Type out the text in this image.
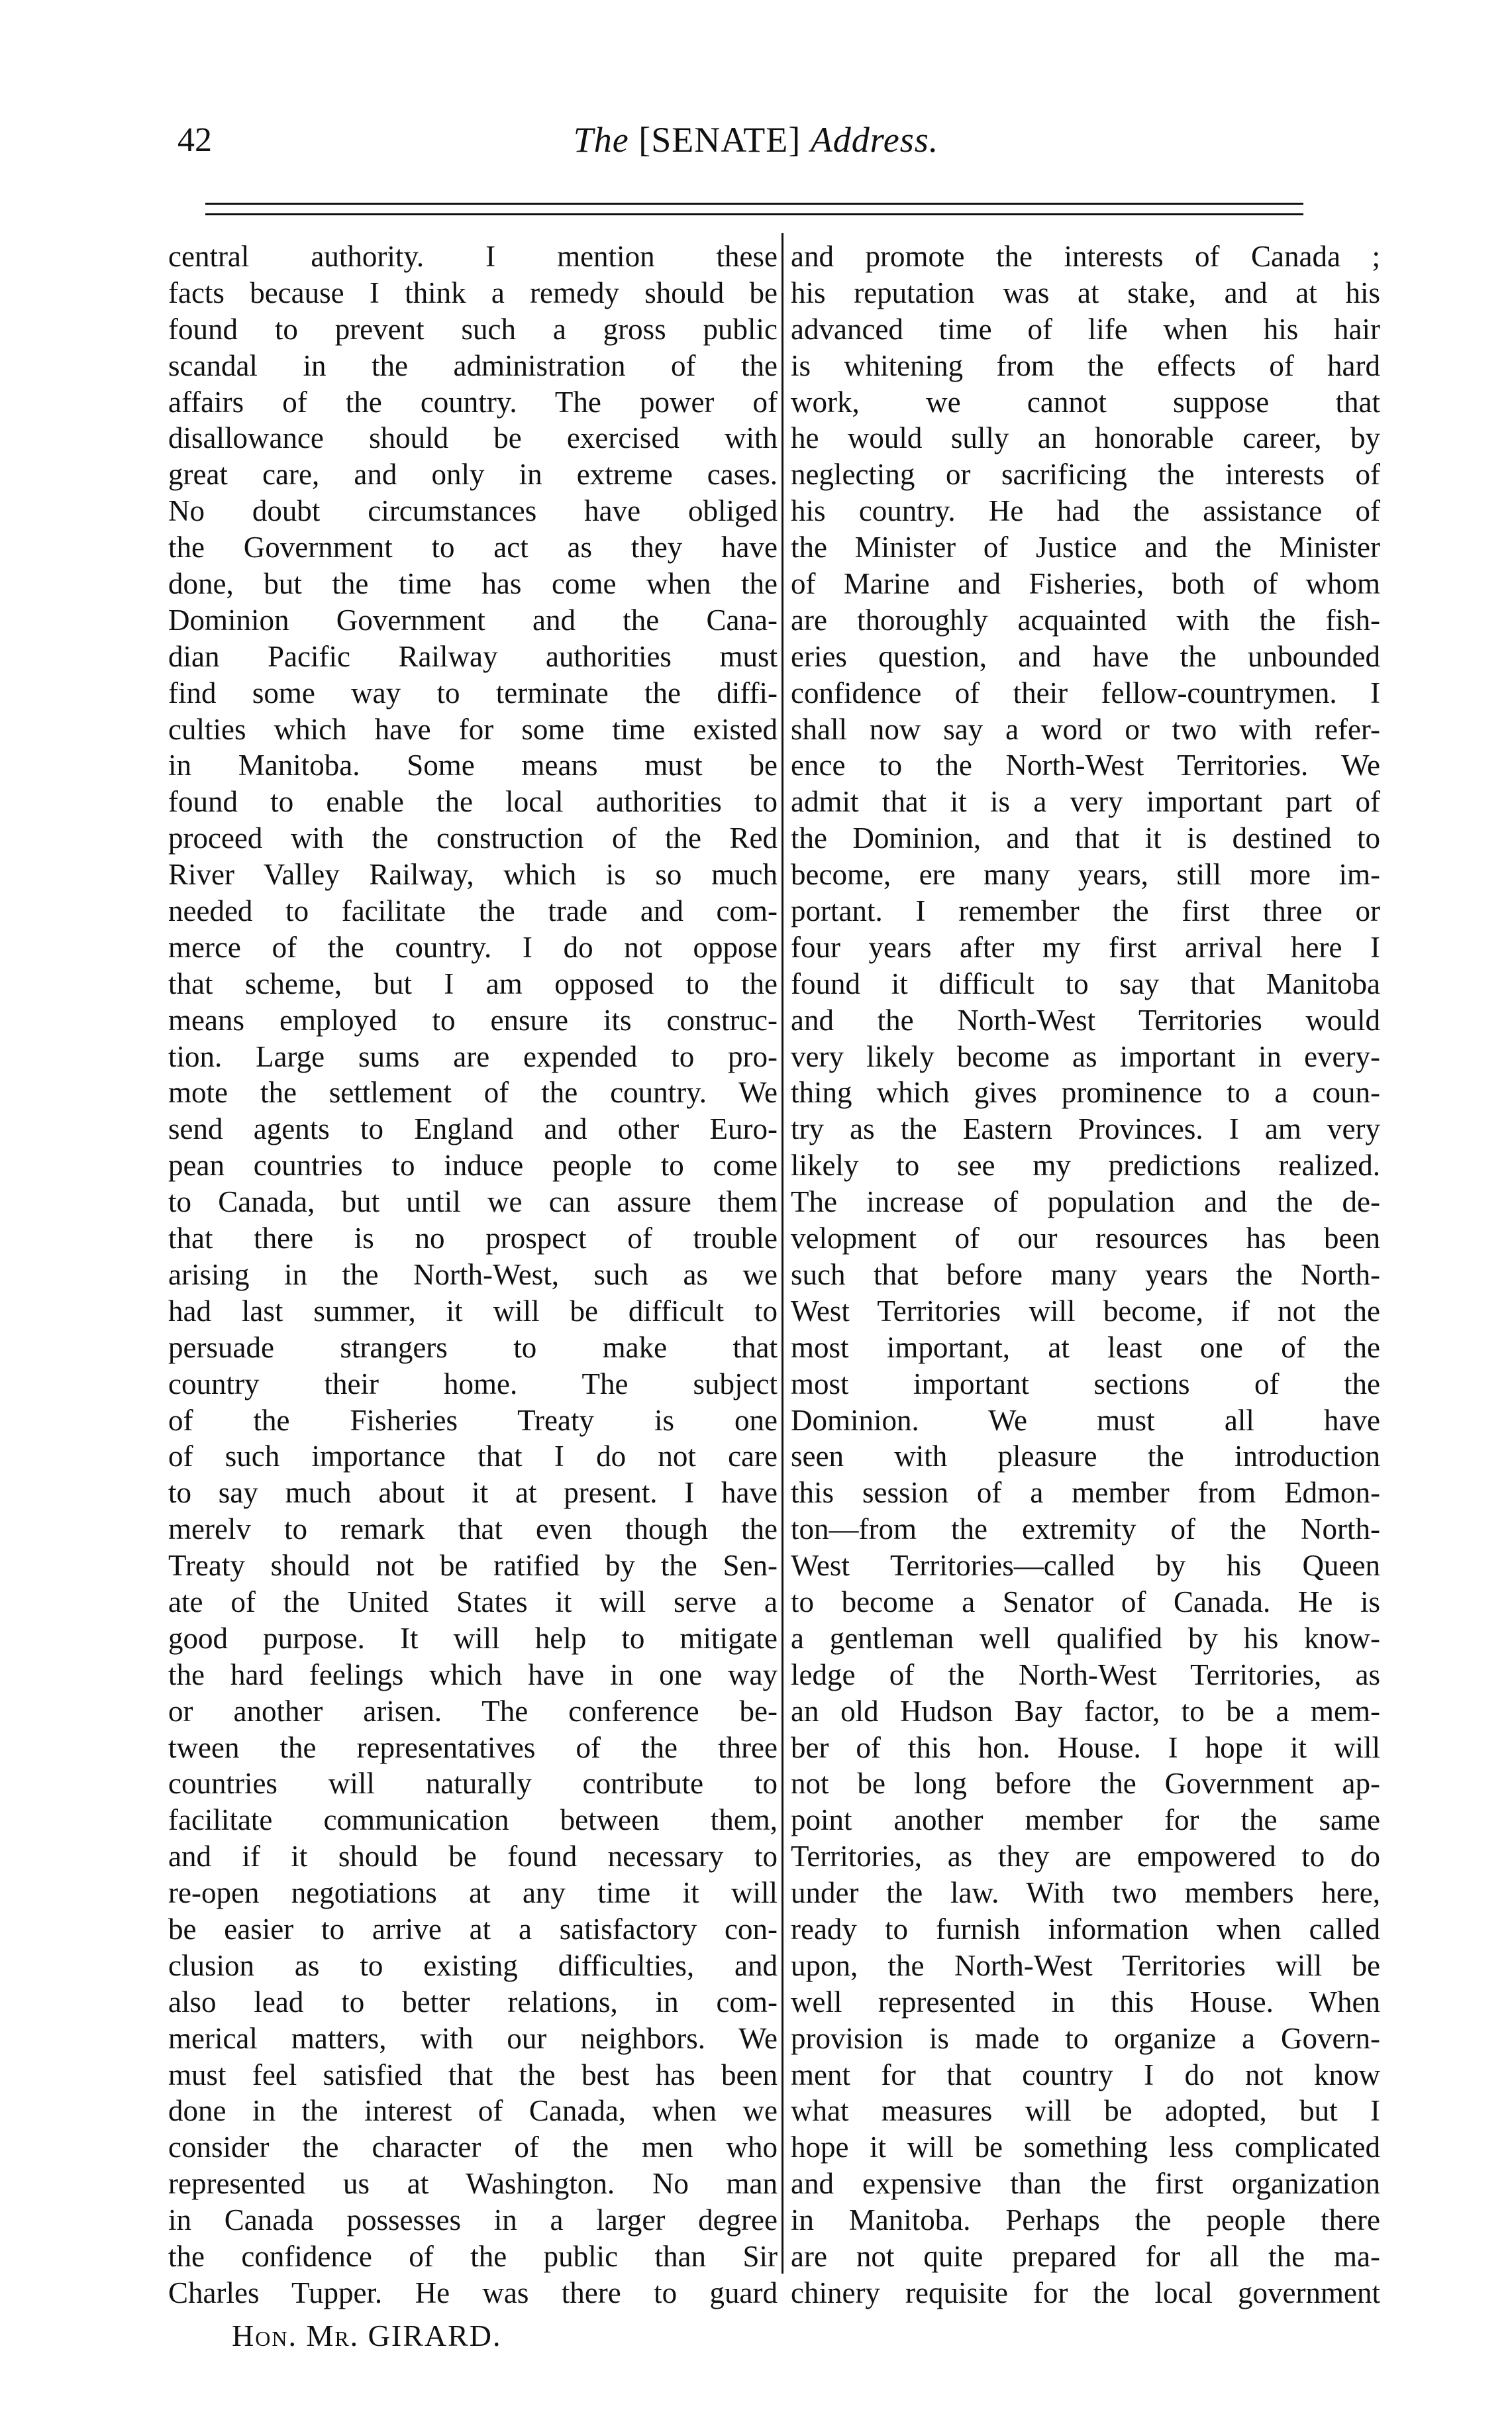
42	The [SENATE] Address.
central authority. I mention these
facts because I think a remedy should be
found to prevent such a gross public
scandal in the administration of the
affairs of the country. The power of
disallowance should be exercised with
great care, and only in extreme cases.
No doubt circumstances have obliged
the Government to act as they have
done, but the time has come when the
Dominion Government and the Cana-
dian Pacific Railway authorities must
find some way to terminate the diffi-
culties which have for some time existed
in Manitoba. Some means must be
found to enable the local authorities to
proceed with the construction of the Red
River Valley Railway, which is so much
needed to facilitate the trade and com-
merce of the country. I do not oppose
that scheme, but I am opposed to the
means employed to ensure its construc-
tion. Large sums are expended to pro-
mote the settlement of the country. We
send agents to England and other Euro-
pean countries to induce people to come
to Canada, but until we can assure them
that there is no prospect of trouble
arising in the North-West, such as we
had last summer, it will be difficult to
persuade strangers to make that
country their home. The subject
of the Fisheries Treaty is one
of such importance that I do not care
to say much about it at present. I have
merelv to remark that even though the
Treaty should not be ratified by the Sen-
ate of the United States it will serve a
good purpose. It will help to mitigate
the hard feelings which have in one way
or another arisen. The conference be-
tween the representatives of the three
countries will naturally contribute to
facilitate communication between them,
and if it should be found necessary to
re-open negotiations at any time it will
be easier to arrive at a satisfactory con-
clusion as to existing difficulties, and
also lead to better relations, in com-
merical matters, with our neighbors. We
must feel satisfied that the best has been
done in the interest of Canada, when we
consider the character of the men who
represented us at Washington. No man
in Canada possesses in a larger degree
the confidence of the public than Sir
Charles Tupper. He was there to guard
and promote the interests of Canada ;
his reputation was at stake, and at his
advanced time of life when his hair
is whitening from the effects of hard
work, we cannot suppose that
he would sully an honorable career, by
neglecting or sacrificing the interests of
his country. He had the assistance of
the Minister of Justice and the Minister
of Marine and Fisheries, both of whom
are thoroughly acquainted with the fish-
eries question, and have the unbounded
confidence of their fellow-countrymen. I
shall now say a word or two with refer-
ence to the North-West Territories. We
admit that it is a very important part of
the Dominion, and that it is destined to
become, ere many years, still more im-
portant. I remember the first three or
four years after my first arrival here I
found it difficult to say that Manitoba
and the North-West Territories would
very likely become as important in every-
thing which gives prominence to a coun-
try as the Eastern Provinces. I am very
likely to see my predictions realized.
The increase of population and the de-
velopment of our resources has been
such that before many years the North-
West Territories will become, if not the
most important, at least one of the
most important sections of the
Dominion. We must all have
seen with pleasure the introduction
this session of a member from Edmon-
ton—from the extremity of the North-
West Territories—called by his Queen
to become a Senator of Canada. He is
a gentleman well qualified by his know-
ledge of the North-West Territories, as
an old Hudson Bay factor, to be a mem-
ber of this hon. House. I hope it will
not be long before the Government ap-
point another member for the same
Territories, as they are empowered to do
under the law. With two members here,
ready to furnish information when called
upon, the North-West Territories will be
well represented in this House. When
provision is made to organize a Govern-
ment for that country I do not know
what measures will be adopted, but I
hope it will be something less complicated
and expensive than the first organization
in Manitoba. Perhaps the people there
are not quite prepared for all the ma-
chinery requisite for the local government
Hon. Mr. GIRARD.
